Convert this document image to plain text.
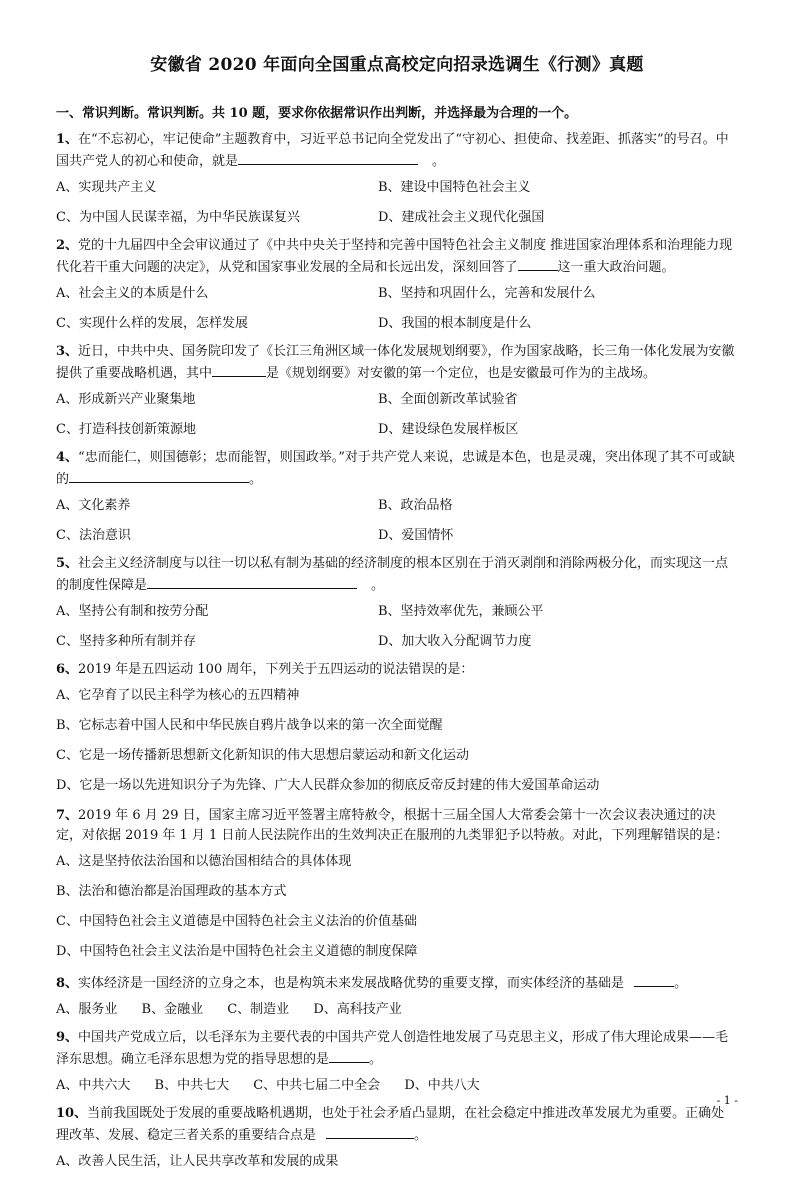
安徽省 2020 年面向全国重点高校定向招录选调生《行测》真题
一、常识判断。常识判断。共 10 题，要求你依据常识作出判断，并选择最为合理的一个。
1、在“不忘初心，牢记使命”主题教育中，习近平总书记向全党发出了“守初心、担使命、找差距、抓落实”的号召。中国共产党人的初心和使命，就是	。
A、实现共产主义	B、建设中国特色社会主义
C、为中国人民谋幸福，为中华民族谋复兴	D、建成社会主义现代化强国
2、党的十九届四中全会审议通过了《中共中央关于坚持和完善中国特色社会主义制度 推进国家治理体系和治理能力现代化若干重大问题的决定》，从党和国家事业发展的全局和长远出发，深刻回答了	这一重大政治问题。
A、社会主义的本质是什么	B、坚持和巩固什么，完善和发展什么
C、实现什么样的发展，怎样发展	D、我国的根本制度是什么
3、近日，中共中央、国务院印发了《长江三角洲区域一体化发展规划纲要》，作为国家战略，长三角一体化发展为安徽提供了重要战略机遇，其中	是《规划纲要》对安徽的第一个定位，也是安徽最可作为的主战场。
A、形成新兴产业聚集地	B、全面创新改革试验省
C、打造科技创新策源地	D、建设绿色发展样板区
4、“忠而能仁，则国德彰；忠而能智，则国政举。”对于共产党人来说，忠诚是本色，也是灵魂，突出体现了其不可或缺的	。
A、文化素养	B、政治品格
C、法治意识	D、爱国情怀
5、社会主义经济制度与以往一切以私有制为基础的经济制度的根本区别在于消灭剥削和消除两极分化，而实现这一点的制度性保障是	。
A、坚持公有制和按劳分配	B、坚持效率优先，兼顾公平
C、坚持多种所有制并存	D、加大收入分配调节力度
6、2019 年是五四运动 100 周年，下列关于五四运动的说法错误的是：
A、它孕育了以民主科学为核心的五四精神
B、它标志着中国人民和中华民族自鸦片战争以来的第一次全面觉醒
C、它是一场传播新思想新文化新知识的伟大思想启蒙运动和新文化运动
D、它是一场以先进知识分子为先锋、广大人民群众参加的彻底反帝反封建的伟大爱国革命运动
7、2019 年 6 月 29 日，国家主席习近平签署主席特赦令，根据十三届全国人大常委会第十一次会议表决通过的决定，对依据 2019 年 1 月 1 日前人民法院作出的生效判决正在服刑的九类罪犯予以特赦。对此，下列理解错误的是：
A、这是坚持依法治国和以德治国相结合的具体体现
B、法治和德治都是治国理政的基本方式
C、中国特色社会主义道德是中国特色社会主义法治的价值基础
D、中国特色社会主义法治是中国特色社会主义道德的制度保障
8、实体经济是一国经济的立身之本，也是构筑未来发展战略优势的重要支撑，而实体经济的基础是	。
A、服务业 B、金融业 C、制造业 D、高科技产业
9、中国共产党成立后，以毛泽东为主要代表的中国共产党人创造性地发展了马克思主义，形成了伟大理论成果——毛泽东思想。确立毛泽东思想为党的指导思想的是	。
A、中共六大 B、中共七大 C、中共七届二中全会 D、中共八大
10、当前我国既处于发展的重要战略机遇期，也处于社会矛盾凸显期，在社会稳定中推进改革发展尤为重要。正确处理改革、发展、稳定三者关系的重要结合点是	。
A、改善人民生活，让人民共享改革和发展的成果
- 1 -
